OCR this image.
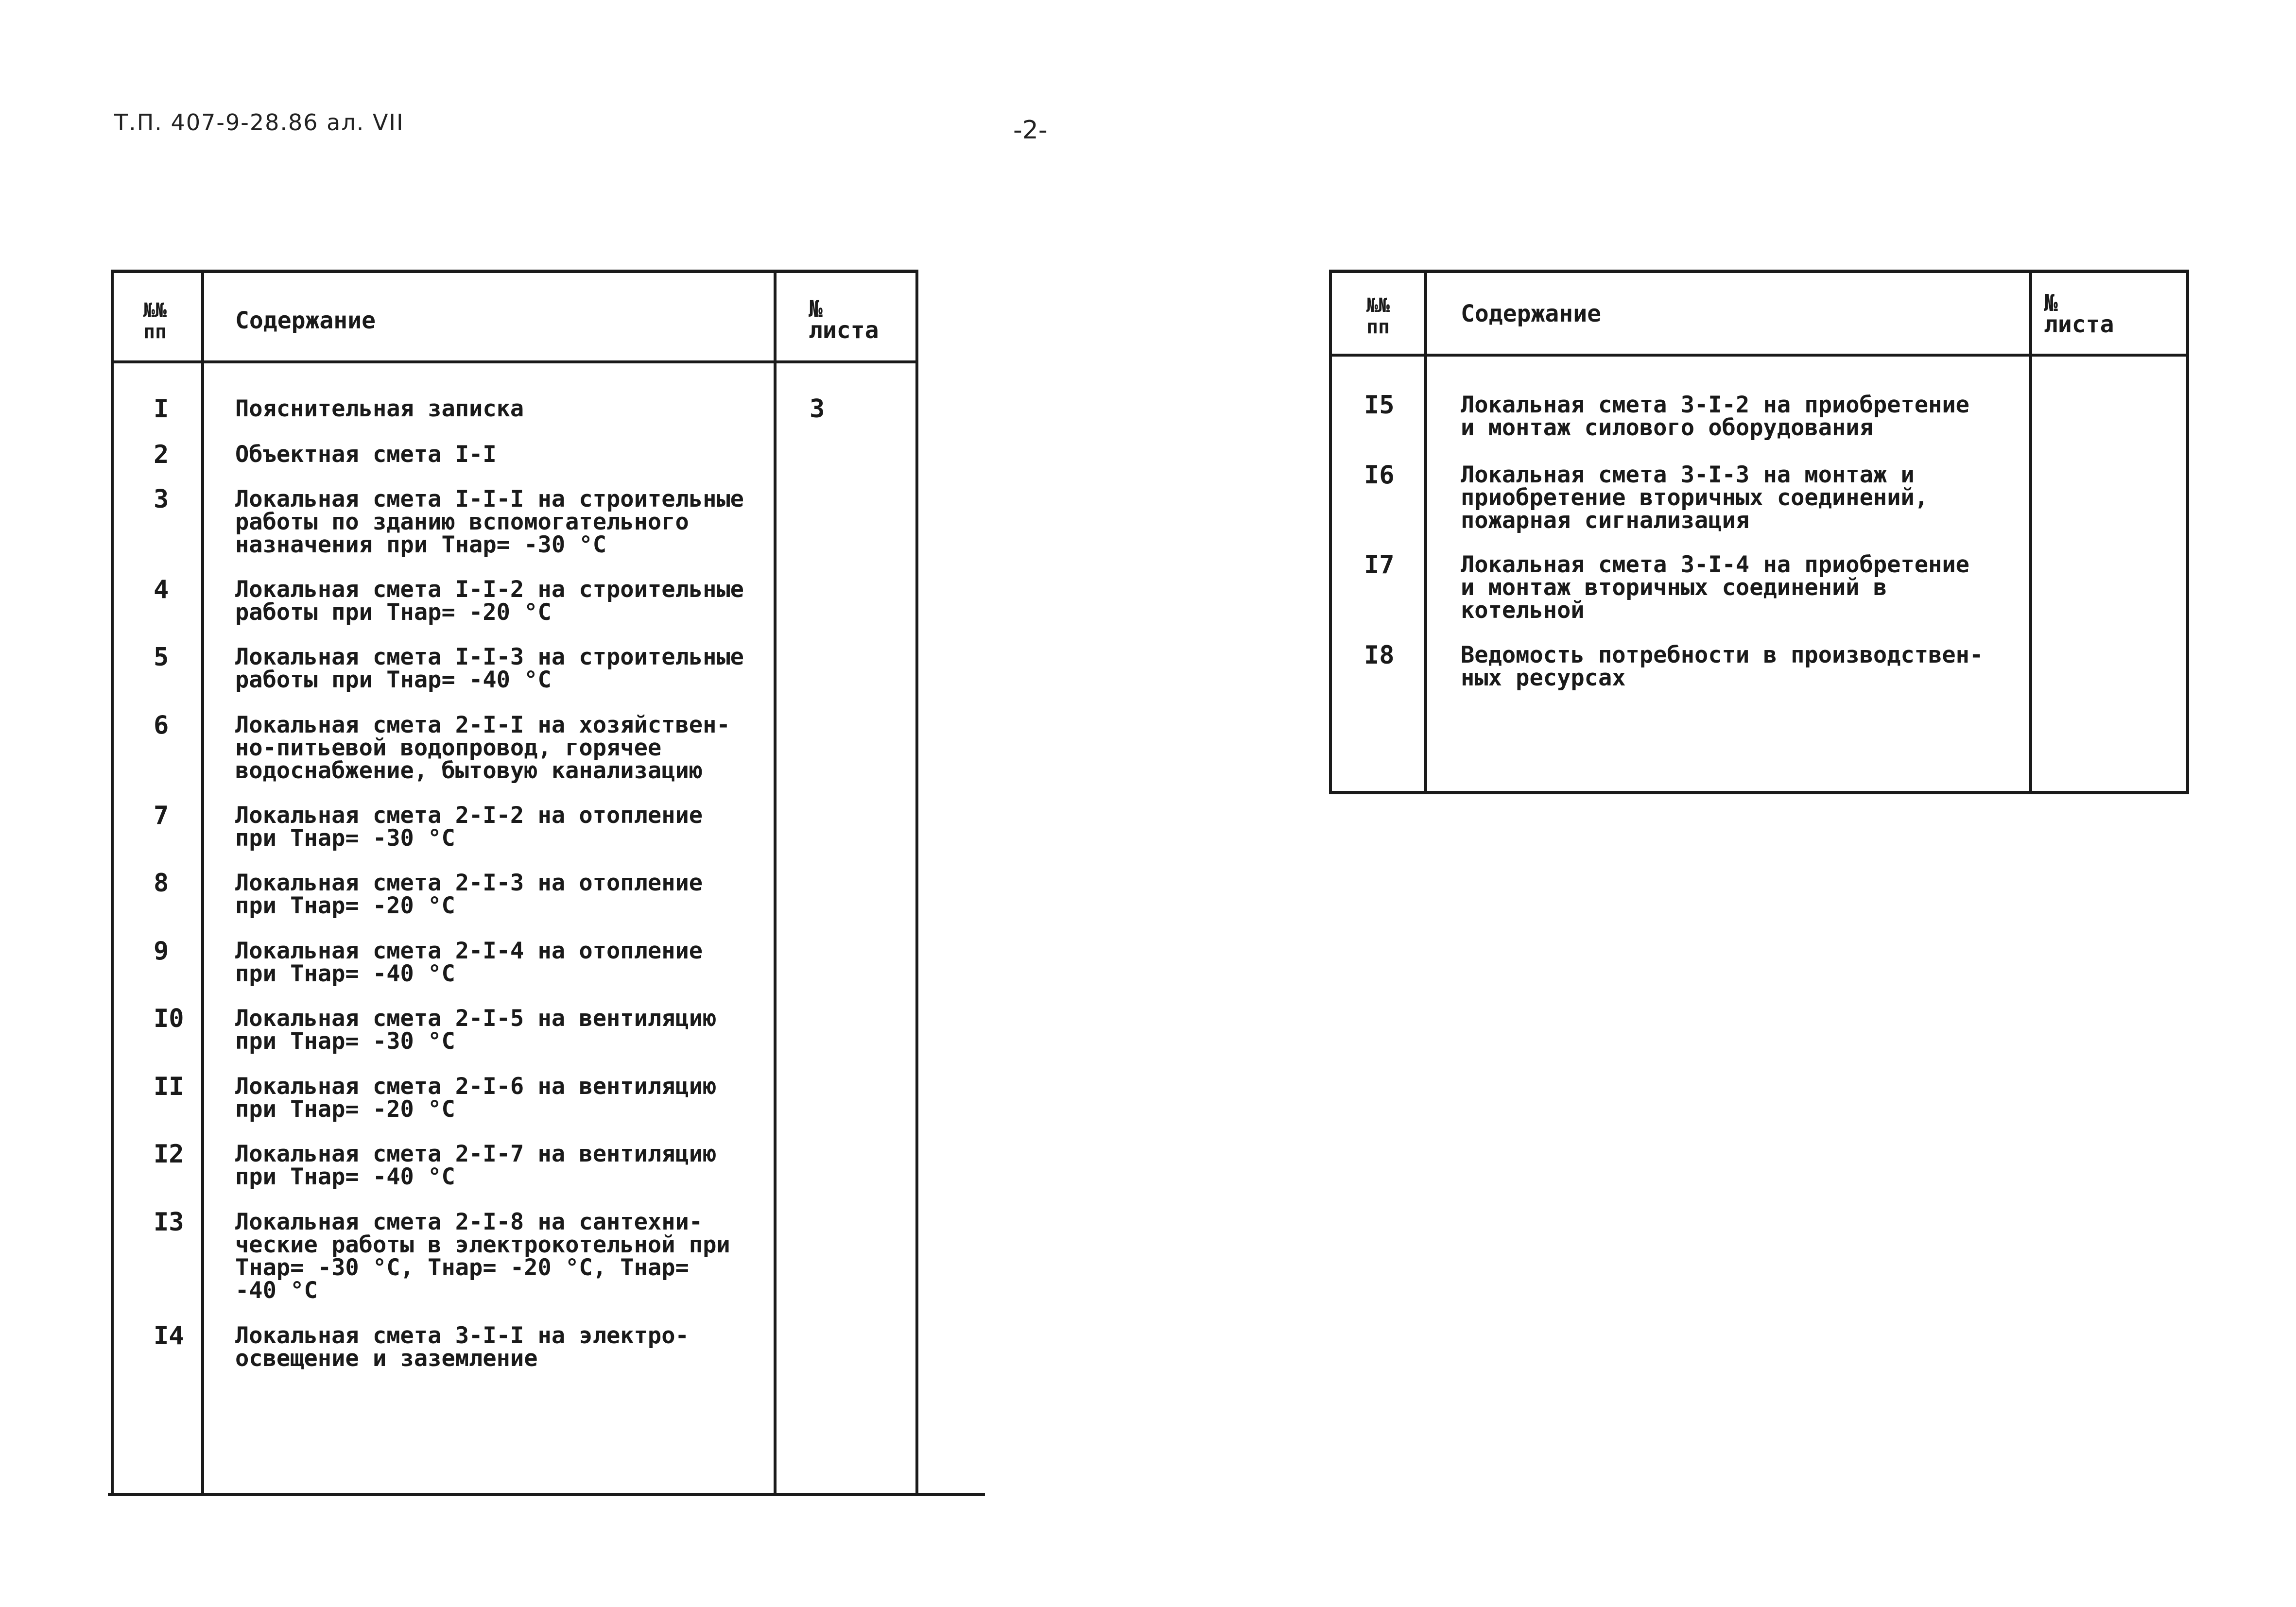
Т.П. 407-9-28.86 ал. VII	-2-
№№
пп	Содержание	№
листа
I	Пояснительная записка	3
2	Объектная смета I-I
3	Локальная смета I-I-I на строительные
работы по зданию вспомогательного
назначения при Тнар= -30 °С
4	Локальная смета I-I-2 на строительные
работы при Тнар= -20 °С
5	Локальная смета I-I-3 на строительные
работы при Тнар= -40 °С
6	Локальная смета 2-I-I на хозяйствен-
но-питьевой водопровод, горячее
водоснабжение, бытовую канализацию
7	Локальная смета 2-I-2 на отопление
при Тнар= -30 °С
8	Локальная смета 2-I-3 на отопление
при Тнар= -20 °С
9	Локальная смета 2-I-4 на отопление
при Тнар= -40 °С
I0 Локальная смета 2-I-5 на вентиляцию
при Тнар= -30 °С
II Локальная смета 2-I-6 на вентиляцию
при Тнар= -20 °С
I2 Локальная смета 2-I-7 на вентиляцию
при Тнар= -40 °С
I3 Локальная смета 2-I-8 на сантехни-
ческие работы в электрокотельной при
Тнар= -30 °С, Тнар= -20 °С, Тнар=
-40 °С
I4 Локальная смета 3-I-I на электро-
освещение и заземление
№№
пп	Содержание	№
листа
I5	Локальная смета 3-I-2 на приобретение
и монтаж силового оборудования
I6	Локальная смета 3-I-3 на монтаж и
приобретение вторичных соединений,
пожарная сигнализация
I7	Локальная смета 3-I-4 на приобретение
и монтаж вторичных соединений в
котельной
I8	Ведомость потребности в производствен-
ных ресурсах
